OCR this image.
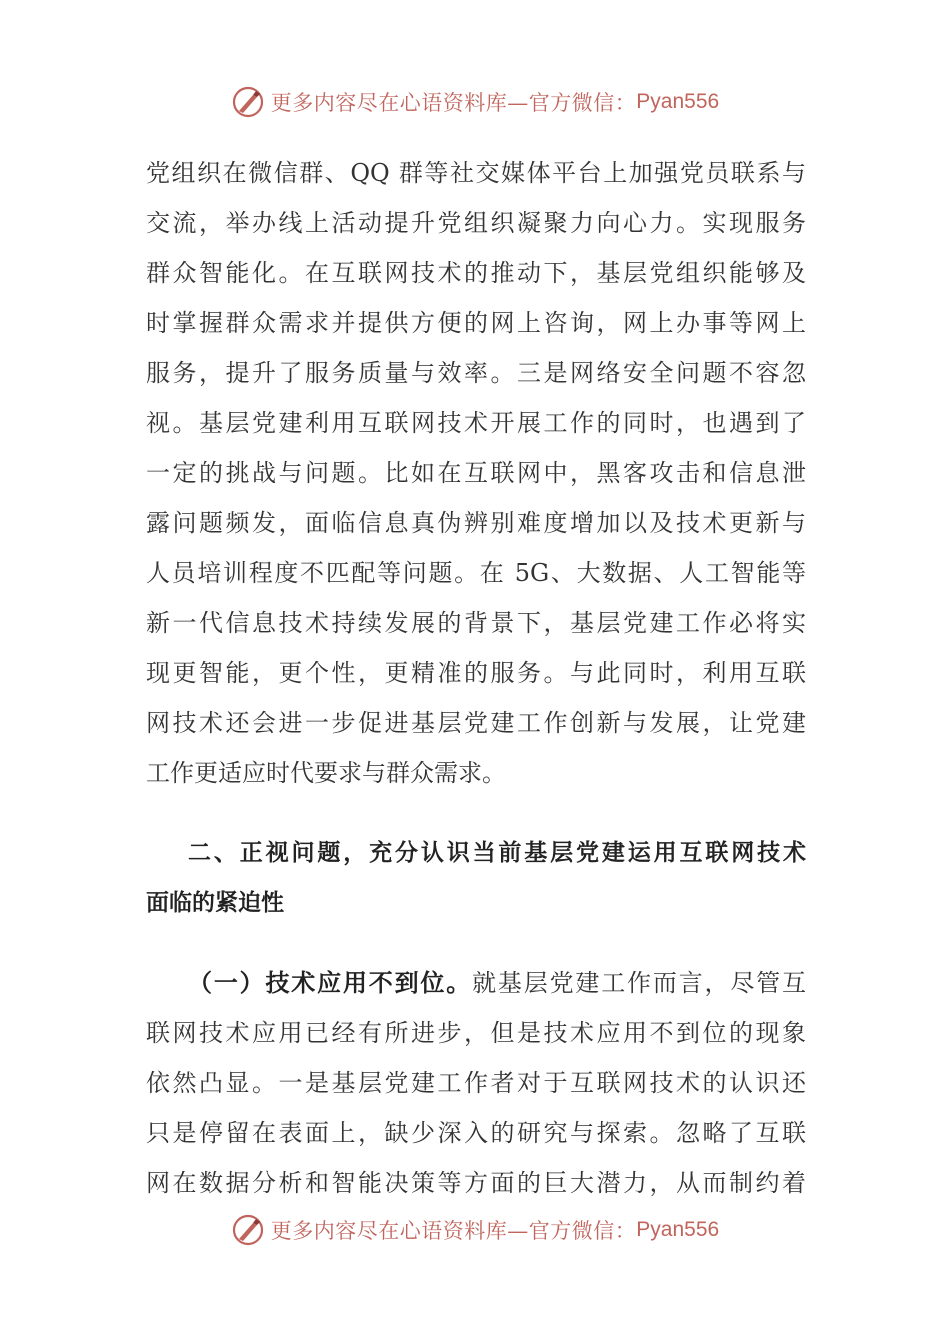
更多内容尽在心语资料库—官方微信： Pyan556
党组织在微信群、QQ 群等社交媒体平台上加强党员联系与
交流，举办线上活动提升党组织凝聚力向心力。实现服务
群众智能化。在互联网技术的推动下，基层党组织能够及
时掌握群众需求并提供方便的网上咨询，网上办事等网上
服务，提升了服务质量与效率。三是网络安全问题不容忽
视。基层党建利用互联网技术开展工作的同时，也遇到了
一定的挑战与问题。比如在互联网中，黑客攻击和信息泄
露问题频发，面临信息真伪辨别难度增加以及技术更新与
人员培训程度不匹配等问题。在 5G、大数据、人工智能等
新一代信息技术持续发展的背景下，基层党建工作必将实
现更智能，更个性，更精准的服务。与此同时，利用互联
网技术还会进一步促进基层党建工作创新与发展，让党建
工作更适应时代要求与群众需求。
二、正视问题，充分认识当前基层党建运用互联网技术
面临的紧迫性
（一）技术应用不到位。就基层党建工作而言，尽管互
联网技术应用已经有所进步，但是技术应用不到位的现象
依然凸显。一是基层党建工作者对于互联网技术的认识还
只是停留在表面上，缺少深入的研究与探索。忽略了互联
网在数据分析和智能决策等方面的巨大潜力，从而制约着
更多内容尽在心语资料库—官方微信： Pyan556
